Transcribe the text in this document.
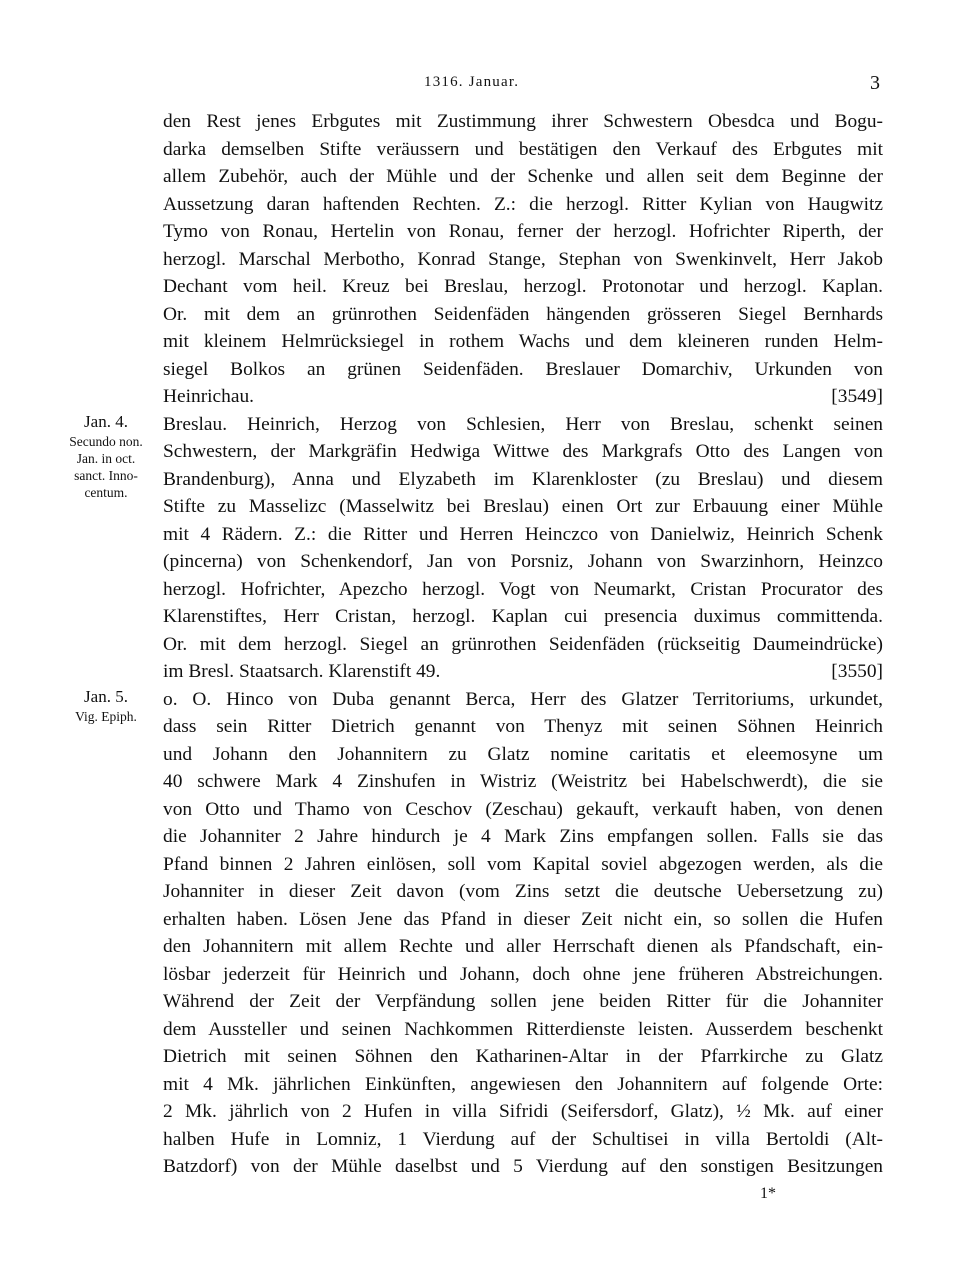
1316. Januar.	3
Jan. 4.
Secundo non.
Jan. in oct.
sanct. Inno-
centum.
Jan. 5.
Vig. Epiph.
den Rest jenes Erbgutes mit Zustimmung ihrer Schwestern Obesdca und Bogu-
darka demselben Stifte veräussern und bestätigen den Verkauf des Erbgutes mit
allem Zubehör, auch der Mühle und der Schenke und allen seit dem Beginne der
Aussetzung daran haftenden Rechten. Z.: die herzogl. Ritter Kylian von Haugwitz
Tymo von Ronau, Hertelin von Ronau, ferner der herzogl. Hofrichter Riperth, der
herzogl. Marschal Merbotho, Konrad Stange, Stephan von Swenkinvelt, Herr Jakob
Dechant vom heil. Kreuz bei Breslau, herzogl. Protonotar und herzogl. Kaplan.
Or. mit dem an grünrothen Seidenfäden hängenden grösseren Siegel Bernhards
mit kleinem Helmrücksiegel in rothem Wachs und dem kleineren runden Helm-
siegel Bolkos an grünen Seidenfäden. Breslauer Domarchiv, Urkunden von
Heinrichau.	[3549]
Breslau. Heinrich, Herzog von Schlesien, Herr von Breslau, schenkt seinen
Schwestern, der Markgräfin Hedwiga Wittwe des Markgrafs Otto des Langen von
Brandenburg), Anna und Elyzabeth im Klarenkloster (zu Breslau) und diesem
Stifte zu Masselizc (Masselwitz bei Breslau) einen Ort zur Erbauung einer Mühle
mit 4 Rädern. Z.: die Ritter und Herren Heinczco von Danielwiz, Heinrich Schenk
(pincerna) von Schenkendorf, Jan von Porsniz, Johann von Swarzinhorn, Heinzco
herzogl. Hofrichter, Apezcho herzogl. Vogt von Neumarkt, Cristan Procurator des
Klarenstiftes, Herr Cristan, herzogl. Kaplan cui presencia duximus committenda.
Or. mit dem herzogl. Siegel an grünrothen Seidenfäden (rückseitig Daumeindrücke)
im Bresl. Staatsarch. Klarenstift 49.	[3550]
o. O. Hinco von Duba genannt Berca, Herr des Glatzer Territoriums, urkundet,
dass sein Ritter Dietrich genannt von Thenyz mit seinen Söhnen Heinrich
und Johann den Johannitern zu Glatz nomine caritatis et eleemosyne um
40 schwere Mark 4 Zinshufen in Wistriz (Weistritz bei Habelschwerdt), die sie
von Otto und Thamo von Ceschov (Zeschau) gekauft, verkauft haben, von denen
die Johanniter 2 Jahre hindurch je 4 Mark Zins empfangen sollen. Falls sie das
Pfand binnen 2 Jahren einlösen, soll vom Kapital soviel abgezogen werden, als die
Johanniter in dieser Zeit davon (vom Zins setzt die deutsche Uebersetzung zu)
erhalten haben. Lösen Jene das Pfand in dieser Zeit nicht ein, so sollen die Hufen
den Johannitern mit allem Rechte und aller Herrschaft dienen als Pfandschaft, ein-
lösbar jederzeit für Heinrich und Johann, doch ohne jene früheren Abstreichungen.
Während der Zeit der Verpfändung sollen jene beiden Ritter für die Johanniter
dem Aussteller und seinen Nachkommen Ritterdienste leisten. Ausserdem beschenkt
Dietrich mit seinen Söhnen den Katharinen-Altar in der Pfarrkirche zu Glatz
mit 4 Mk. jährlichen Einkünften, angewiesen den Johannitern auf folgende Orte:
2 Mk. jährlich von 2 Hufen in villa Sifridi (Seifersdorf, Glatz), ½ Mk. auf einer
halben Hufe in Lomniz, 1 Vierdung auf der Schultisei in villa Bertoldi (Alt-
Batzdorf) von der Mühle daselbst und 5 Vierdung auf den sonstigen Besitzungen
1*
